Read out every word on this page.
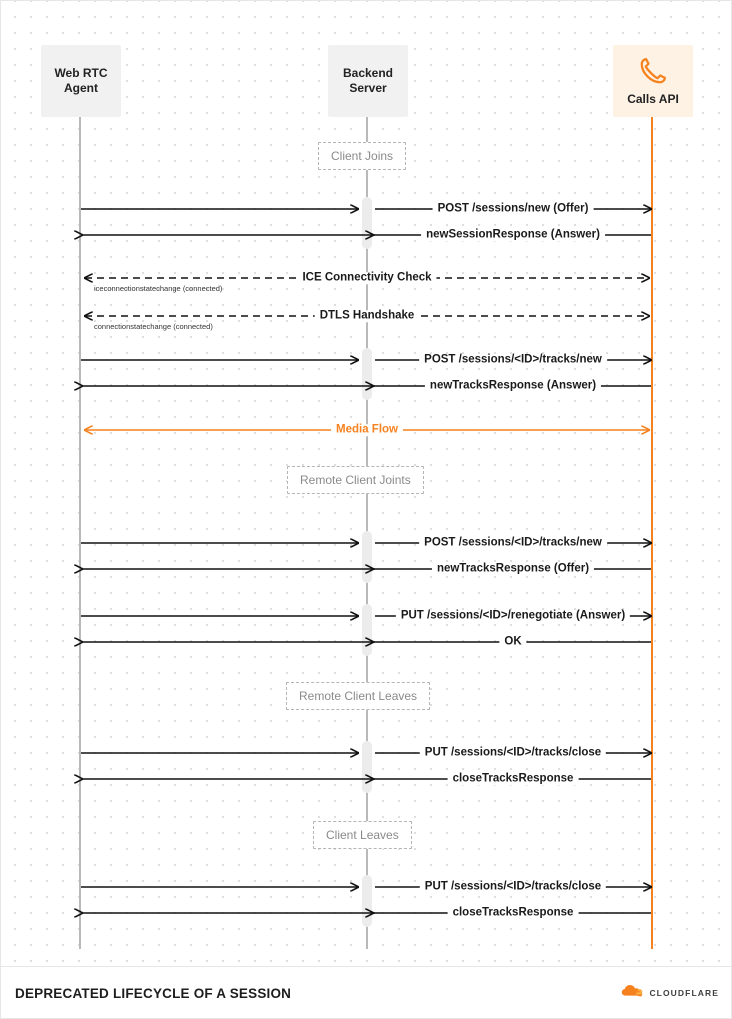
Web RTC
Agent
Backend
Server
Calls API
Client Joins
Remote Client Joints
Remote Client Leaves
Client Leaves
POST /sessions/new (Offer)
newSessionResponse (Answer)
ICE Connectivity Check
iceconnectionstatechange (connected)
DTLS Handshake
connectionstatechange (connected)
POST /sessions/<ID>/tracks/new
newTracksResponse (Answer)
Media Flow
POST /sessions/<ID>/tracks/new
newTracksResponse (Offer)
PUT /sessions/<ID>/renegotiate (Answer)
OK
PUT /sessions/<ID>/tracks/close
closeTracksResponse
PUT /sessions/<ID>/tracks/close
closeTracksResponse
DEPRECATED LIFECYCLE OF A SESSION	CLOUDFLARE
